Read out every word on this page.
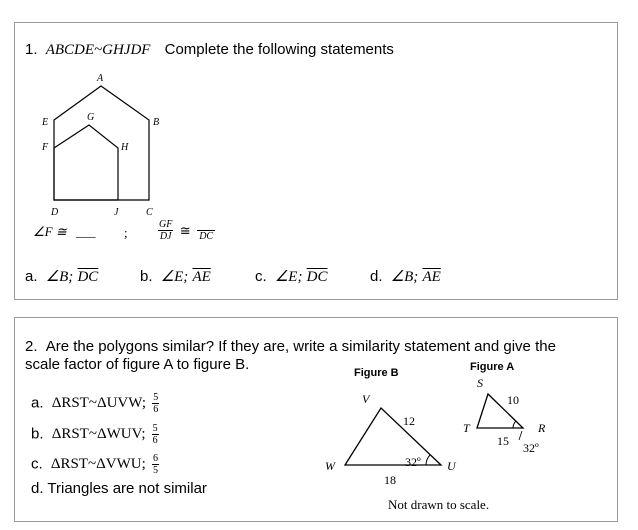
1. ABCDE~GHJDF Complete the following statements
A
E	G	B
F	H
D	J	C
∠F ≅ ___ ;	$\frac{GF}{DJ}$ ≅ DC
a. ∠B; $\overline{DC}$	b. ∠E; $\overline{AE}$	c. ∠E; $\overline{DC}$	d. ∠B; $\overline{AE}$
2. Are the polygons similar? If they are, write a similarity statement and give the
scale factor of figure A to figure B.
a. ΔRST~ΔUVW; $\frac{5}{6}$
b. ΔRST~ΔWUV; $\frac{5}{6}$
c. ΔRST~ΔVWU; $\frac{6}{5}$
d. Triangles are not similar
Figure B
V
W	U
12
18
32º
Figure A
S
T	R
10
15 32º
Not drawn to scale.
